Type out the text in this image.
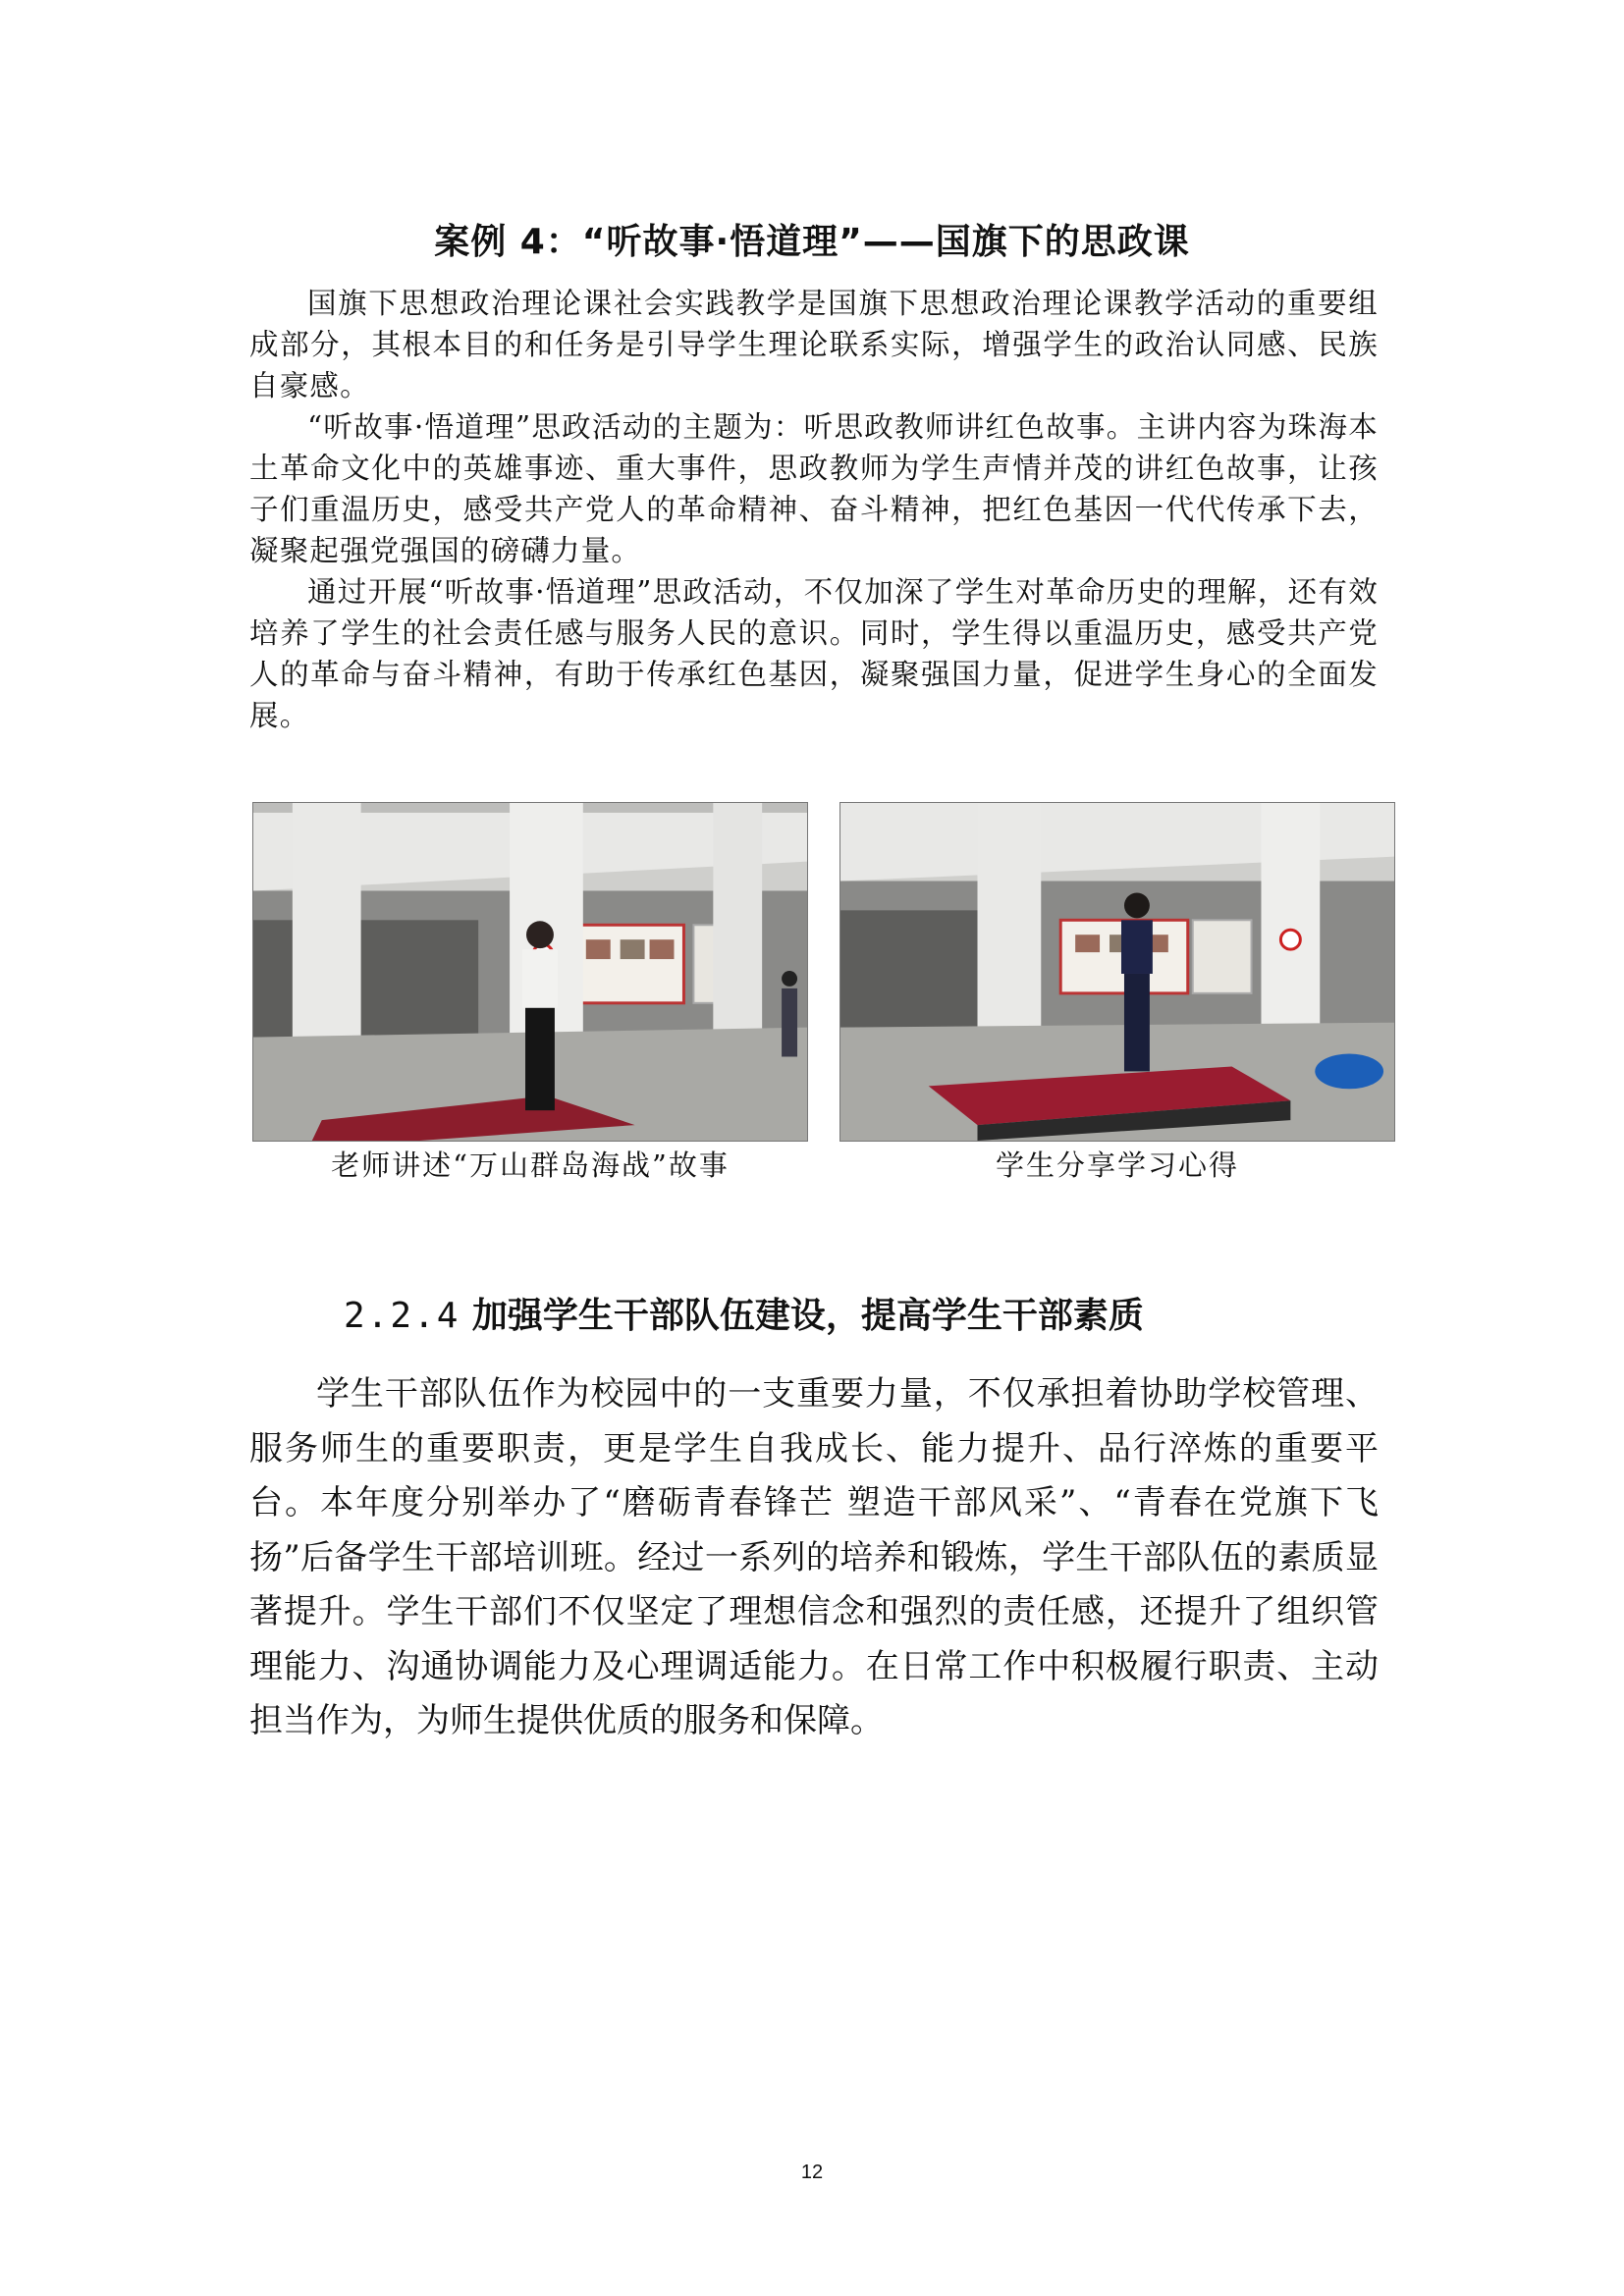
案例 4：“听故事·悟道理”——国旗下的思政课

国旗下思想政治理论课社会实践教学是国旗下思想政治理论课教学活动的重要组成部分，其根本目的和任务是引导学生理论联系实际，增强学生的政治认同感、民族自豪感。

“听故事·悟道理”思政活动的主题为：听思政教师讲红色故事。主讲内容为珠海本土革命文化中的英雄事迹、重大事件，思政教师为学生声情并茂的讲红色故事，让孩子们重温历史，感受共产党人的革命精神、奋斗精神，把红色基因一代代传承下去，凝聚起强党强国的磅礴力量。

通过开展“听故事·悟道理”思政活动，不仅加深了学生对革命历史的理解，还有效培养了学生的社会责任感与服务人民的意识。同时，学生得以重温历史，感受共产党人的革命与奋斗精神，有助于传承红色基因，凝聚强国力量，促进学生身心的全面发展。

老师讲述“万山群岛海战”故事	学生分享学习心得
2.2.4 加强学生干部队伍建设，提高学生干部素质

学生干部队伍作为校园中的一支重要力量，不仅承担着协助学校管理、服务师生的重要职责，更是学生自我成长、能力提升、品行淬炼的重要平台。本年度分别举办了“磨砺青春锋芒 塑造干部风采”、“青春在党旗下飞扬”后备学生干部培训班。经过一系列的培养和锻炼，学生干部队伍的素质显著提升。学生干部们不仅坚定了理想信念和强烈的责任感，还提升了组织管理能力、沟通协调能力及心理调适能力。在日常工作中积极履行职责、主动担当作为，为师生提供优质的服务和保障。

12
